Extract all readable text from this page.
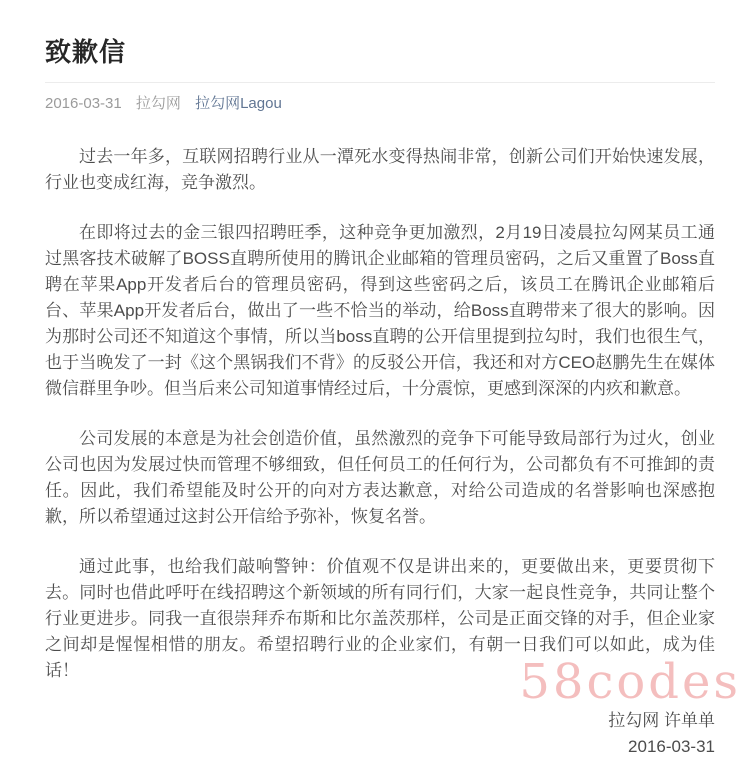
致歉信
2016-03-31 拉勾网 拉勾网Lagou

过去一年多，互联网招聘行业从一潭死水变得热闹非常，创新公司们开始快速发展，行业也变成红海，竞争激烈。

在即将过去的金三银四招聘旺季，这种竞争更加激烈，2月19日凌晨拉勾网某员工通过黑客技术破解了BOSS直聘所使用的腾讯企业邮箱的管理员密码，之后又重置了Boss直聘在苹果App开发者后台的管理员密码，得到这些密码之后，该员工在腾讯企业邮箱后台、苹果App开发者后台，做出了一些不恰当的举动，给Boss直聘带来了很大的影响。因为那时公司还不知道这个事情，所以当boss直聘的公开信里提到拉勾时，我们也很生气，也于当晚发了一封《这个黑锅我们不背》的反驳公开信，我还和对方CEO赵鹏先生在媒体微信群里争吵。但当后来公司知道事情经过后，十分震惊，更感到深深的内疚和歉意。

公司发展的本意是为社会创造价值，虽然激烈的竞争下可能导致局部行为过火，创业公司也因为发展过快而管理不够细致，但任何员工的任何行为，公司都负有不可推卸的责任。因此，我们希望能及时公开的向对方表达歉意，对给公司造成的名誉影响也深感抱歉，所以希望通过这封公开信给予弥补，恢复名誉。

通过此事，也给我们敲响警钟：价值观不仅是讲出来的，更要做出来，更要贯彻下去。同时也借此呼吁在线招聘这个新领域的所有同行们，大家一起良性竞争，共同让整个行业更进步。同我一直很崇拜乔布斯和比尔盖茨那样，公司是正面交锋的对手，但企业家之间却是惺惺相惜的朋友。希望招聘行业的企业家们，有朝一日我们可以如此，成为佳话！

拉勾网 许单单
2016-03-31
58codes
